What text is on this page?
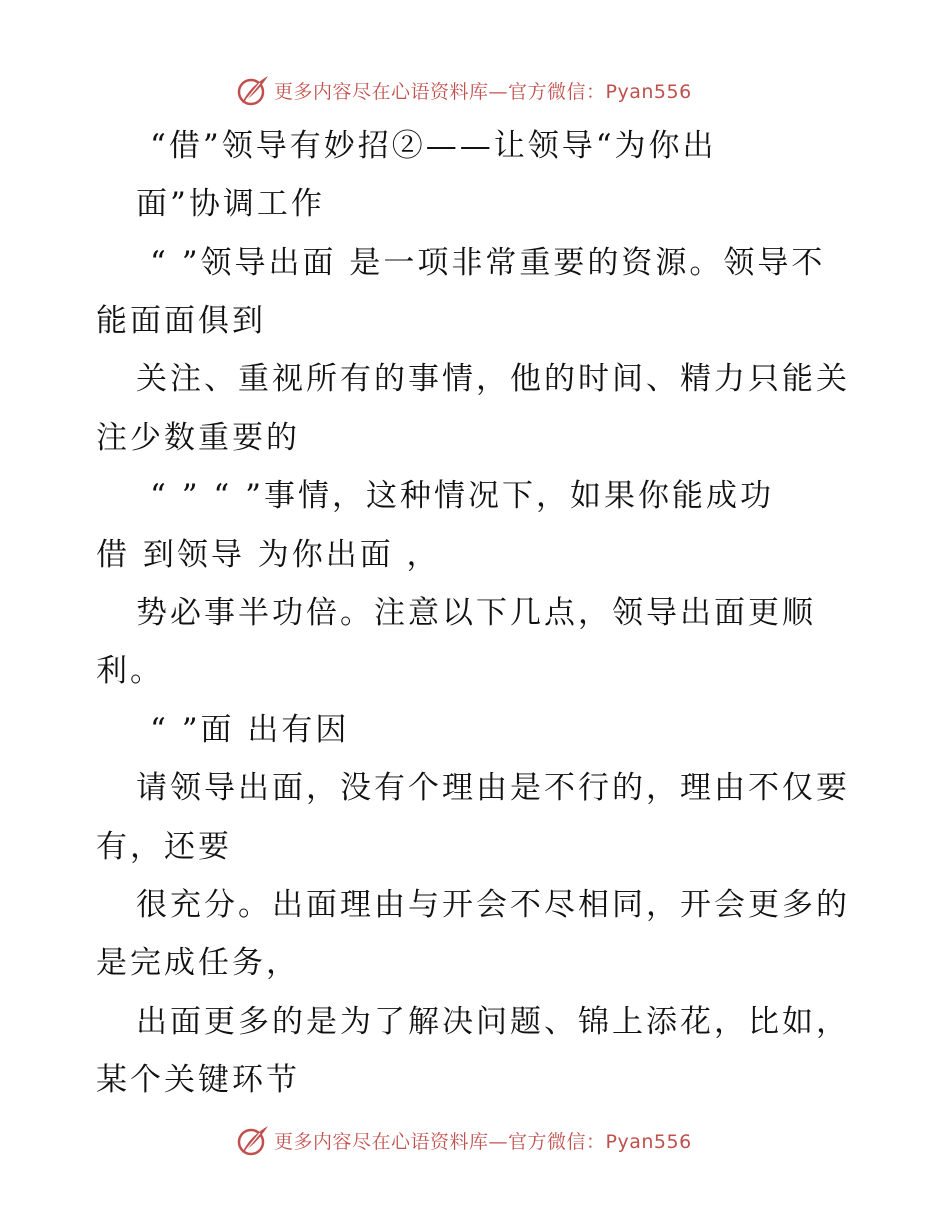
更多内容尽在心语资料库—官方微信：Pyan556
“借”领导有妙招②——让领导“为你出
面”协调工作
“ ”领导出面 是一项非常重要的资源。领导不
能面面俱到
关注、重视所有的事情，他的时间、精力只能关
注少数重要的
“ ” “ ”事情，这种情况下，如果你能成功
借 到领导 为你出面 ，
势必事半功倍。注意以下几点，领导出面更顺
利。
“ ”面 出有因
请领导出面，没有个理由是不行的，理由不仅要
有，还要
很充分。出面理由与开会不尽相同，开会更多的
是完成任务，
出面更多的是为了解决问题、锦上添花，比如，
某个关键环节
更多内容尽在心语资料库—官方微信：Pyan556
